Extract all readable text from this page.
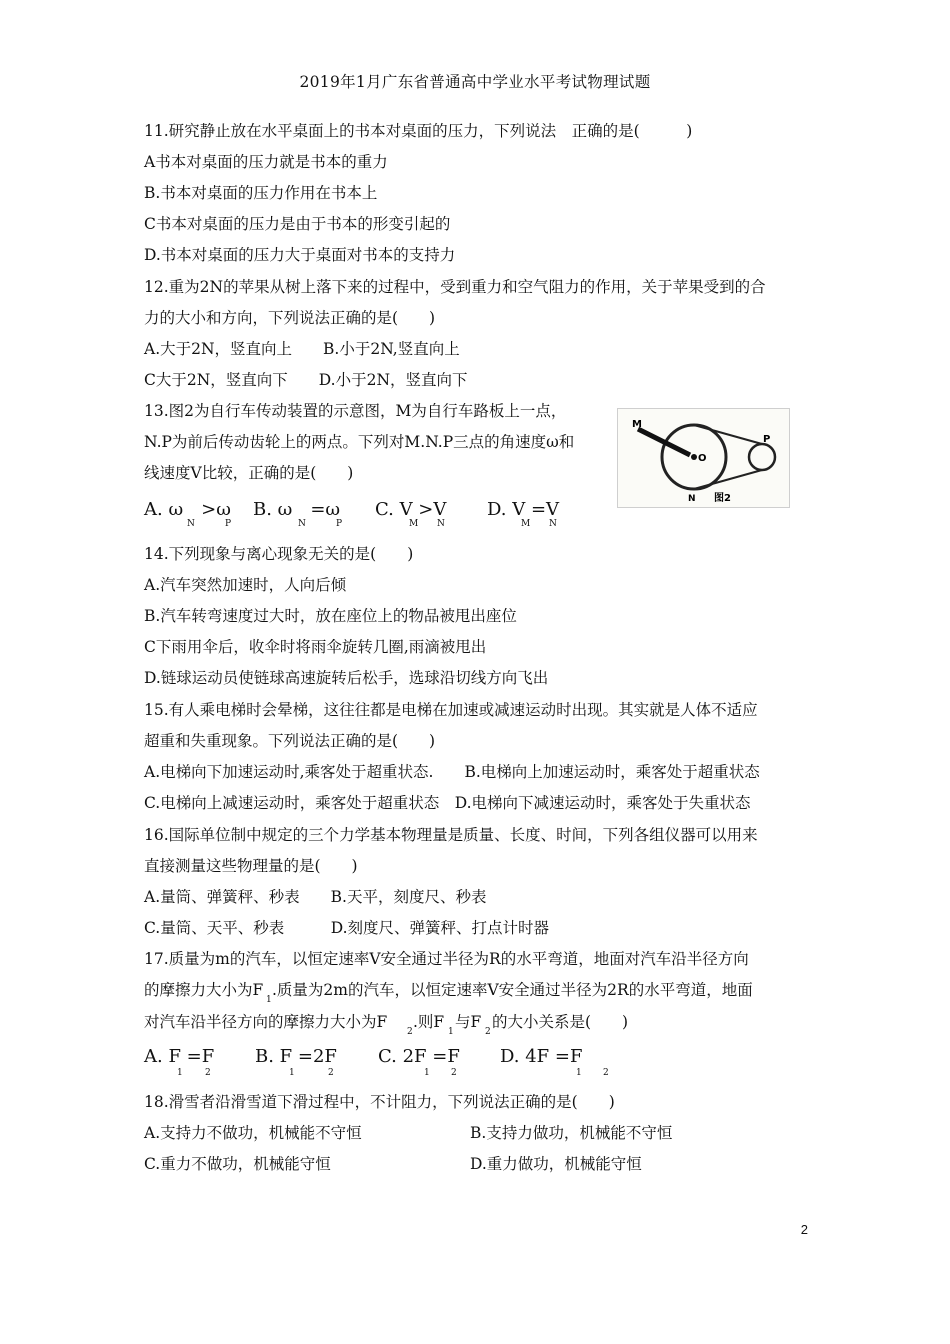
2019年1月广东省普通高中学业水平考试物理试题
11.研究静止放在水平桌面上的书本对桌面的压力，下列说法　正确的是(　　　)
A书本对桌面的压力就是书本的重力
B.书本对桌面的压力作用在书本上
C书本对桌面的压力是由于书本的形变引起的
D.书本对桌面的压力大于桌面对书本的支持力
12.重为2N的苹果从树上落下来的过程中，受到重力和空气阻力的作用，关于苹果受到的合
力的大小和方向，下列说法正确的是(　　)
A.大于2N，竖直向上　　B.小于2N,竖直向上
C大于2N，竖直向下　　D.小于2N，竖直向下
13.图2为自行车传动装置的示意图，M为自行车路板上一点，
N.P为前后传动齿轮上的两点。下列对M.N.P三点的角速度ω和
线速度V比较，正确的是(　　)
A. ω　>ω
N	P
B. ω　=ω
N	P
C. V >V
M N
D. V =V
M N
M
O
P
N 图2
14.下列现象与离心现象无关的是(　　)
A.汽车突然加速时，人向后倾
B.汽车转弯速度过大时，放在座位上的物品被甩出座位
C下雨用伞后，收伞时将雨伞旋转几圈,雨滴被甩出
D.链球运动员使链球高速旋转后松手，选球沿切线方向飞出
15.有人乘电梯时会晕梯，这往往都是电梯在加速或减速运动时出现。其实就是人体不适应
超重和失重现象。下列说法正确的是(　　)
A.电梯向下加速运动时,乘客处于超重状态.　　B.电梯向上加速运动时，乘客处于超重状态
C.电梯向上减速运动时，乘客处于超重状态　D.电梯向下减速运动时，乘客处于失重状态
16.国际单位制中规定的三个力学基本物理量是质量、长度、时间，下列各组仪器可以用来
直接测量这些物理量的是(　　)
A.量筒、弹簧秤、秒表　　B.天平，刻度尺、秒表
C.量筒、天平、秒表　　　D.刻度尺、弹簧秤、打点计时器
17.质量为m的汽车，以恒定速率V安全通过半径为R的水平弯道，地面对汽车沿半径方向
的摩擦力大小为F
1
.质量为2m的汽车，以恒定速率V安全通过半径为2R的水平弯道，地面
对汽车沿半径方向的摩擦力大小为F
2
.则F
1
与F
2
的大小关系是(　　)
A. F =F
1 2
B. F =2F
1	2
C. 2F =F
1 2
D. 4F =F
1 2
18.滑雪者沿滑雪道下滑过程中，不计阻力，下列说法正确的是(　　)
A.支持力不做功，机械能不守恒	B.支持力做功，机械能不守恒
C.重力不做功，机械能守恒	D.重力做功，机械能守恒
2
